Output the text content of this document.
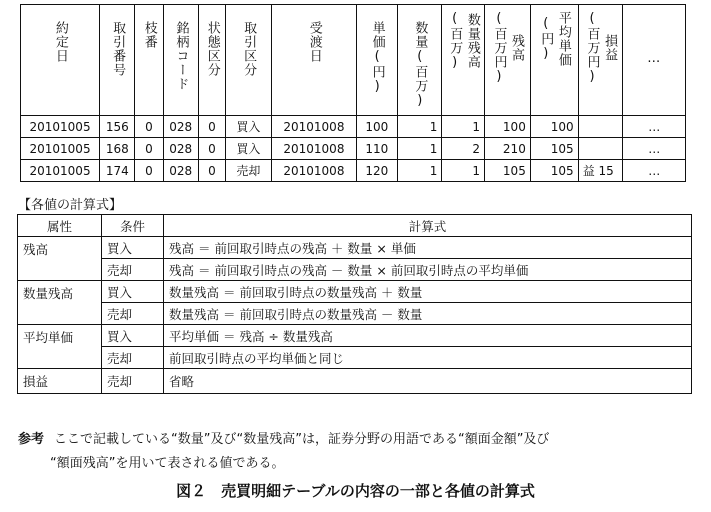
約定日	取引番号	枝番	銘柄コード	状態区分	取引区分	受渡日	単価(円)	数量(百万)	(百万) 数量残高	(百万円) 残高	(円) 平均単価	(百万円) 損益	…

20101005	156	0	028	0	買入	20101008	100	1	1	100	100		…
20101005	168	0	028	0	買入	20101008	110	1	2	210	105		…
20101005	174	0	028	0	売却	20101008	120	1	1	105	105	益 15	…
【各値の計算式】
属性	条件	計算式
残高	買入	残高 ＝ 前回取引時点の残高 ＋ 数量 × 単価
	売却	残高 ＝ 前回取引時点の残高 － 数量 × 前回取引時点の平均単価
数量残高	買入	数量残高 ＝ 前回取引時点の数量残高 ＋ 数量
	売却	数量残高 ＝ 前回取引時点の数量残高 － 数量
平均単価	買入	平均単価 ＝ 残高 ÷ 数量残高
	売却	前回取引時点の平均単価と同じ
損益	売却	省略
参考 ここで記載している“数量”及び“数量残高”は，証券分野の用語である“額面金額”及び
“額面残高”を用いて表される値である。
図２　売買明細テーブルの内容の一部と各値の計算式
